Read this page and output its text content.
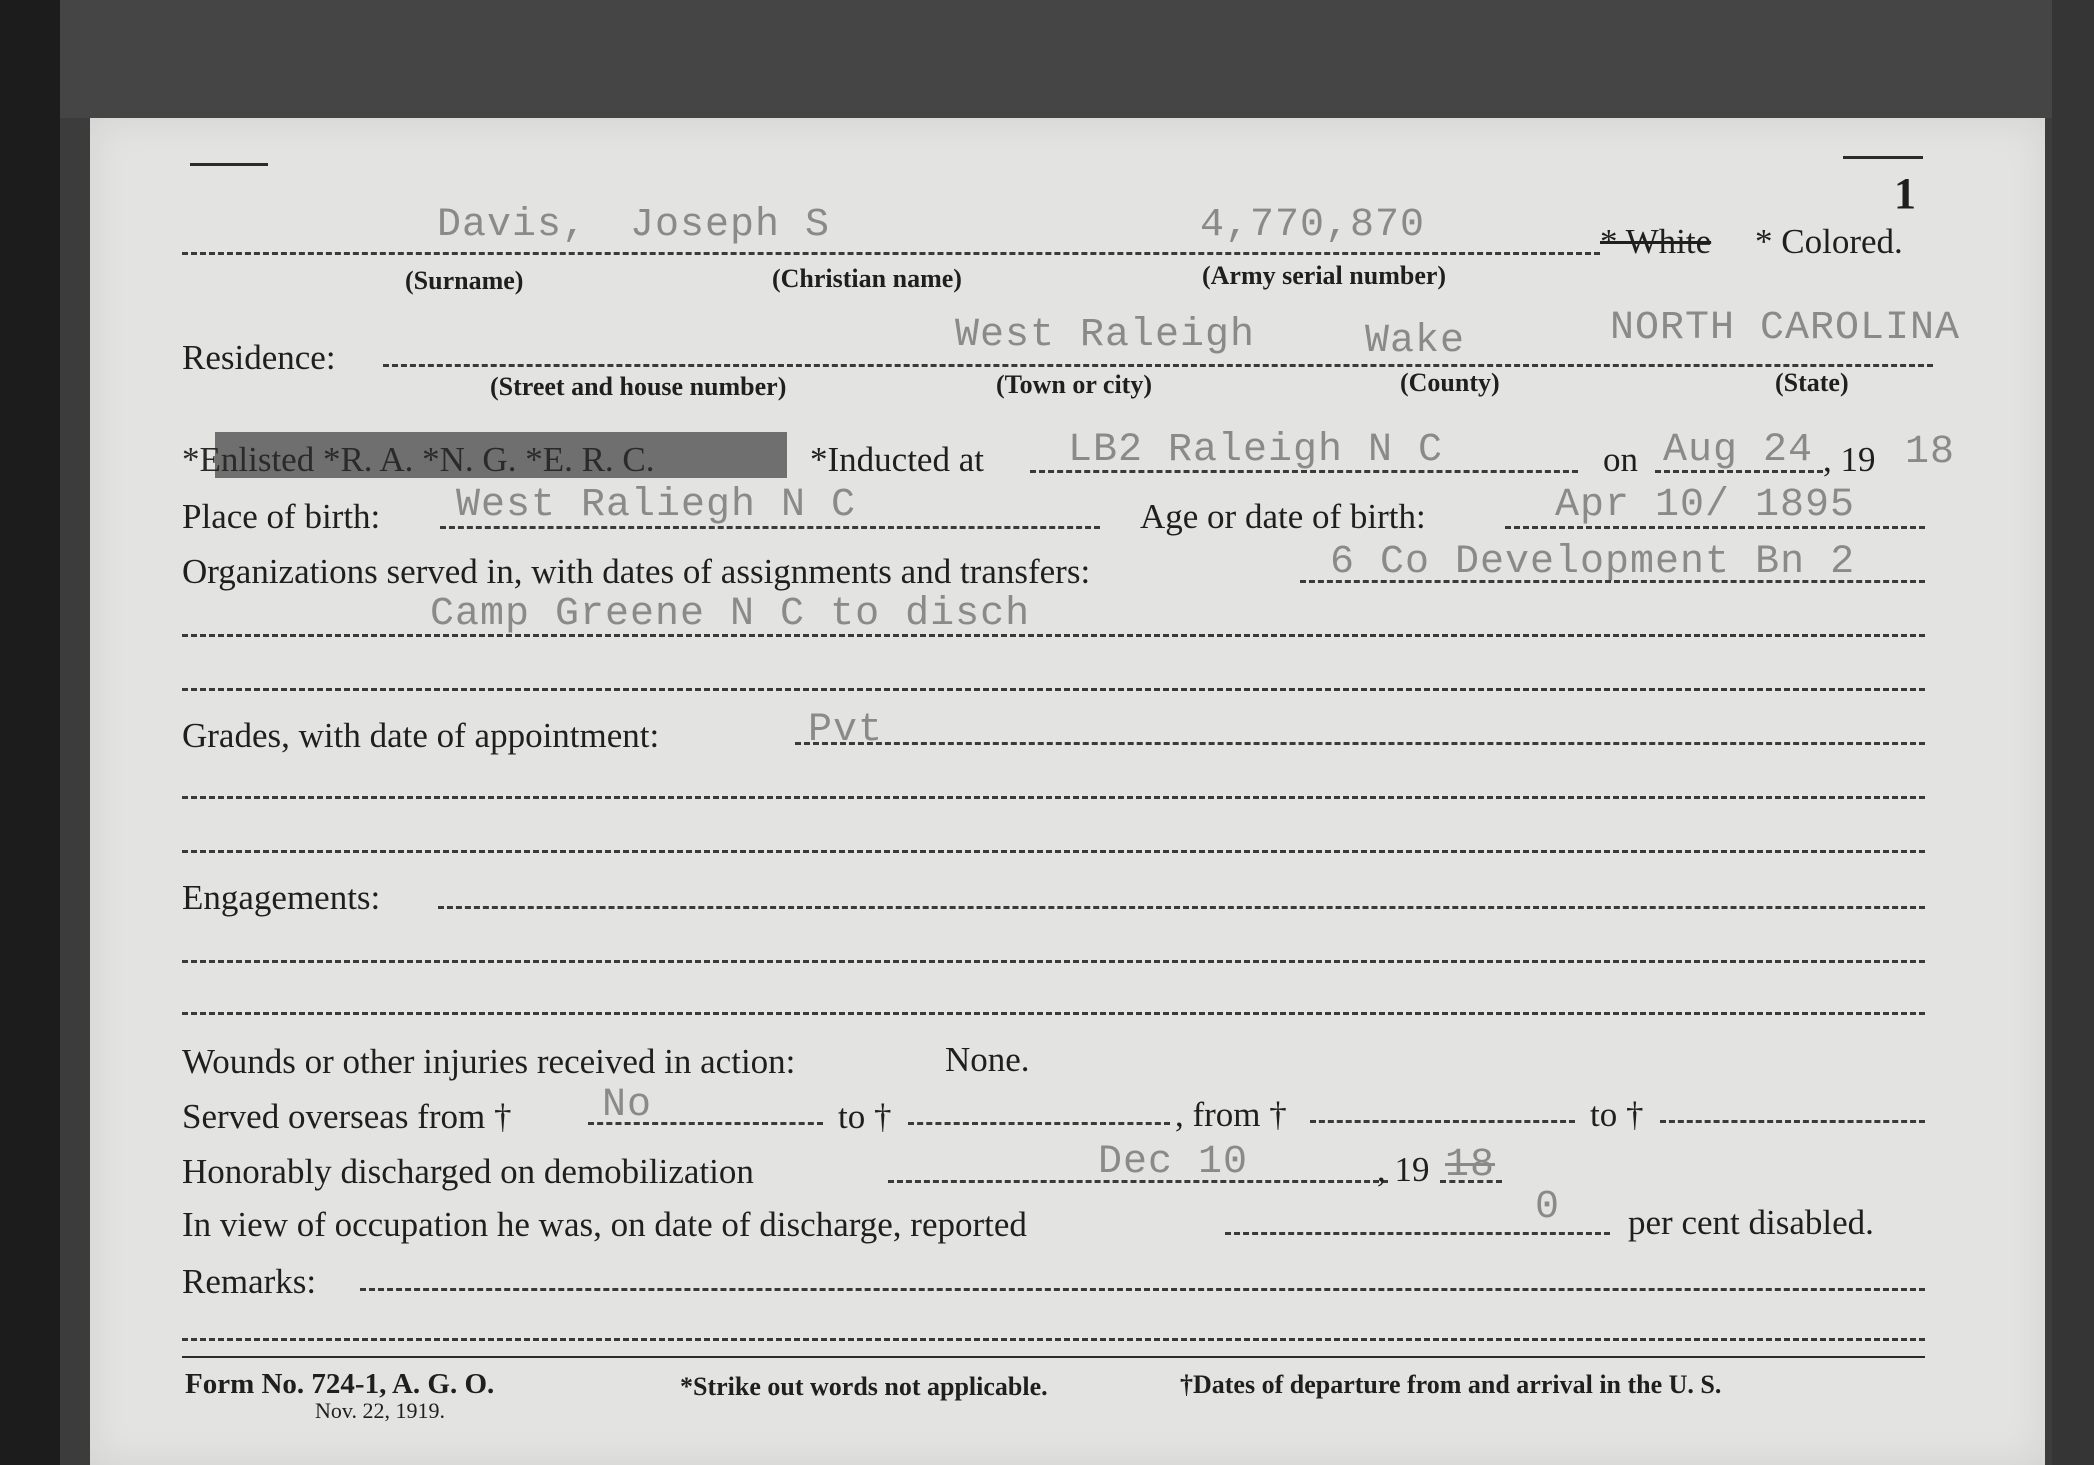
1
Davis, Joseph S	4,770,870	* White * Colored.
(Surname)	(Christian name)	(Army serial number)
Residence:	West Raleigh	Wake	NORTH CAROLINA
(Street and house number)	(Town or city)	(County)	(State)
*Enlisted *R. A. *N. G. *E. R. C.	*Inducted at LB2 Raleigh N C	on Aug 24 , 19 18
Place of birth: West Raliegh N C	Age or date of birth:	Apr 10/ 1895
Organizations served in, with dates of assignments and transfers:	6 Co Development Bn 2
Camp Greene N C to disch
Grades, with date of appointment:	Pvt
Engagements:
Wounds or other injuries received in action:	None.
Served overseas from † No	to †	, from †	to †
Honorably discharged on demobilization	Dec 10	, 19 18
In view of occupation he was, on date of discharge, reported	0 per cent disabled.
Remarks:
Form No. 724-1, A. G. O.
Nov. 22, 1919.
*Strike out words not applicable.	†Dates of departure from and arrival in the U. S.
